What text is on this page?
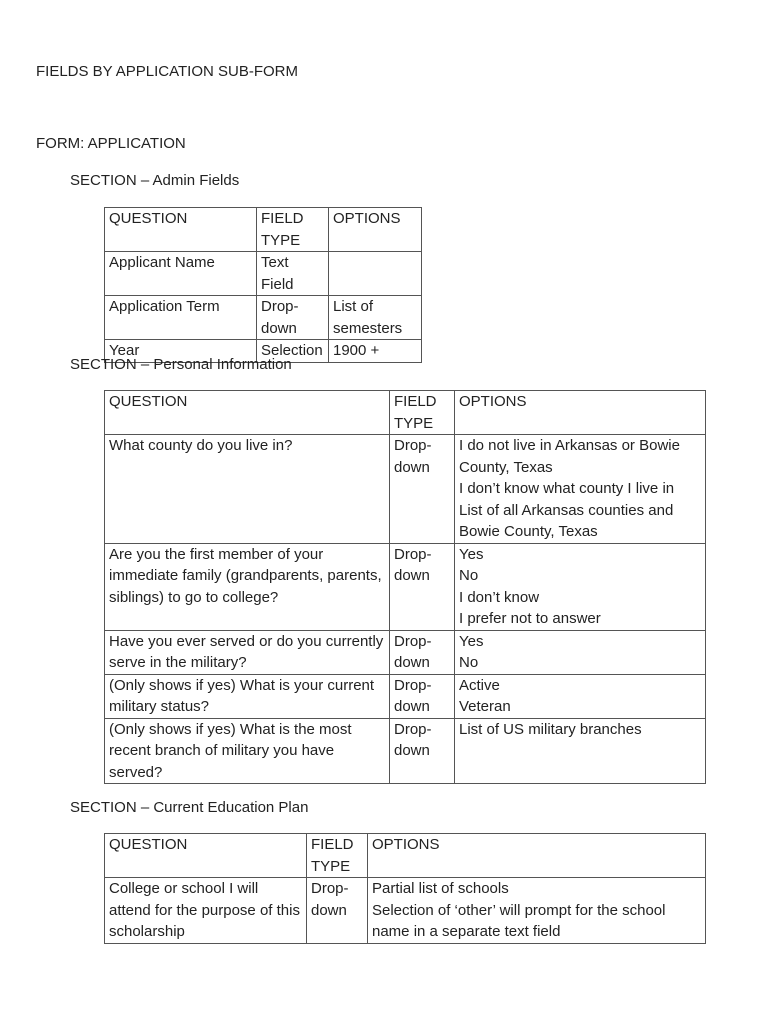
FIELDS BY APPLICATION SUB-FORM
FORM: APPLICATION
SECTION – Admin Fields
QUESTION	FIELD TYPE	OPTIONS
Applicant Name	Text Field	

Application Term	Drop-down	List of semesters

Year	Selection	1900 +
SECTION – Personal Information
QUESTION	FIELD TYPE	OPTIONS
What county do you live in?	Drop-down	I do not live in Arkansas or Bowie County, Texas
I don’t know what county I live in
List of all Arkansas counties and Bowie County, Texas

Are you the first member of your immediate family (grandparents, parents, siblings) to go to college?	Drop-down	Yes
No
I don’t know
I prefer not to answer

Have you ever served or do you currently serve in the military?	Drop-down	Yes
No

(Only shows if yes) What is your current military status?	Drop-down	Active
Veteran

(Only shows if yes) What is the most recent branch of military you have served?	Drop-down	List of US military branches
SECTION – Current Education Plan
QUESTION	FIELD TYPE	OPTIONS
College or school I will attend for the purpose of this scholarship	Drop-down	Partial list of schools
Selection of ‘other’ will prompt for the school name in a separate text field
